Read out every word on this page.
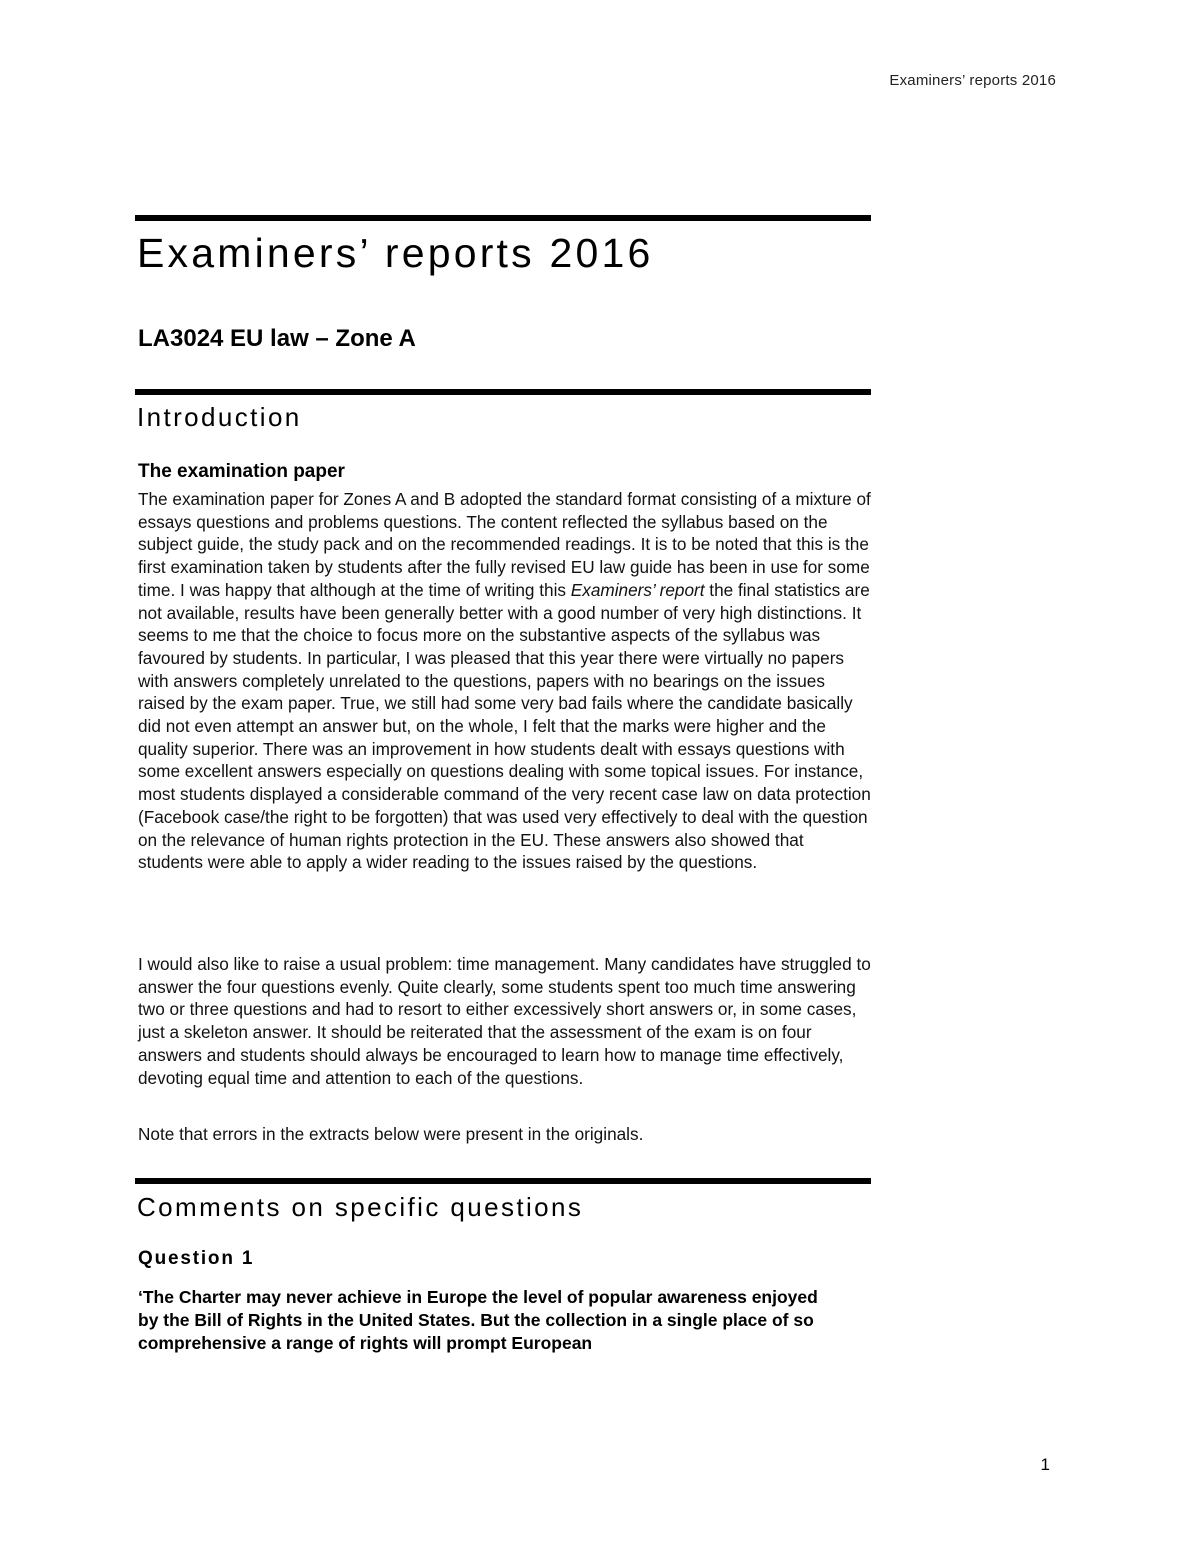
Examiners’ reports 2016
Examiners’ reports 2016
LA3024 EU law – Zone A
Introduction
The examination paper

The examination paper for Zones A and B adopted the standard format consisting of a mixture of essays questions and problems questions. The content reflected the syllabus based on the subject guide, the study pack and on the recommended readings. It is to be noted that this is the first examination taken by students after the fully revised EU law guide has been in use for some time. I was happy that although at the time of writing this Examiners’ report the final statistics are not available, results have been generally better with a good number of very high distinctions. It seems to me that the choice to focus more on the substantive aspects of the syllabus was favoured by students. In particular, I was pleased that this year there were virtually no papers with answers completely unrelated to the questions, papers with no bearings on the issues raised by the exam paper. True, we still had some very bad fails where the candidate basically did not even attempt an answer but, on the whole, I felt that the marks were higher and the quality superior. There was an improvement in how students dealt with essays questions with some excellent answers especially on questions dealing with some topical issues. For instance, most students displayed a considerable command of the very recent case law on data protection (Facebook case/the right to be forgotten) that was used very effectively to deal with the question on the relevance of human rights protection in the EU. These answers also showed that students were able to apply a wider reading to the issues raised by the questions.

I would also like to raise a usual problem: time management. Many candidates have struggled to answer the four questions evenly. Quite clearly, some students spent too much time answering two or three questions and had to resort to either excessively short answers or, in some cases, just a skeleton answer. It should be reiterated that the assessment of the exam is on four answers and students should always be encouraged to learn how to manage time effectively, devoting equal time and attention to each of the questions.

Note that errors in the extracts below were present in the originals.

Comments on specific questions
Question 1

‘The Charter may never achieve in Europe the level of popular awareness enjoyed by the Bill of Rights in the United States. But the collection in a single place of so comprehensive a range of rights will prompt European

1
